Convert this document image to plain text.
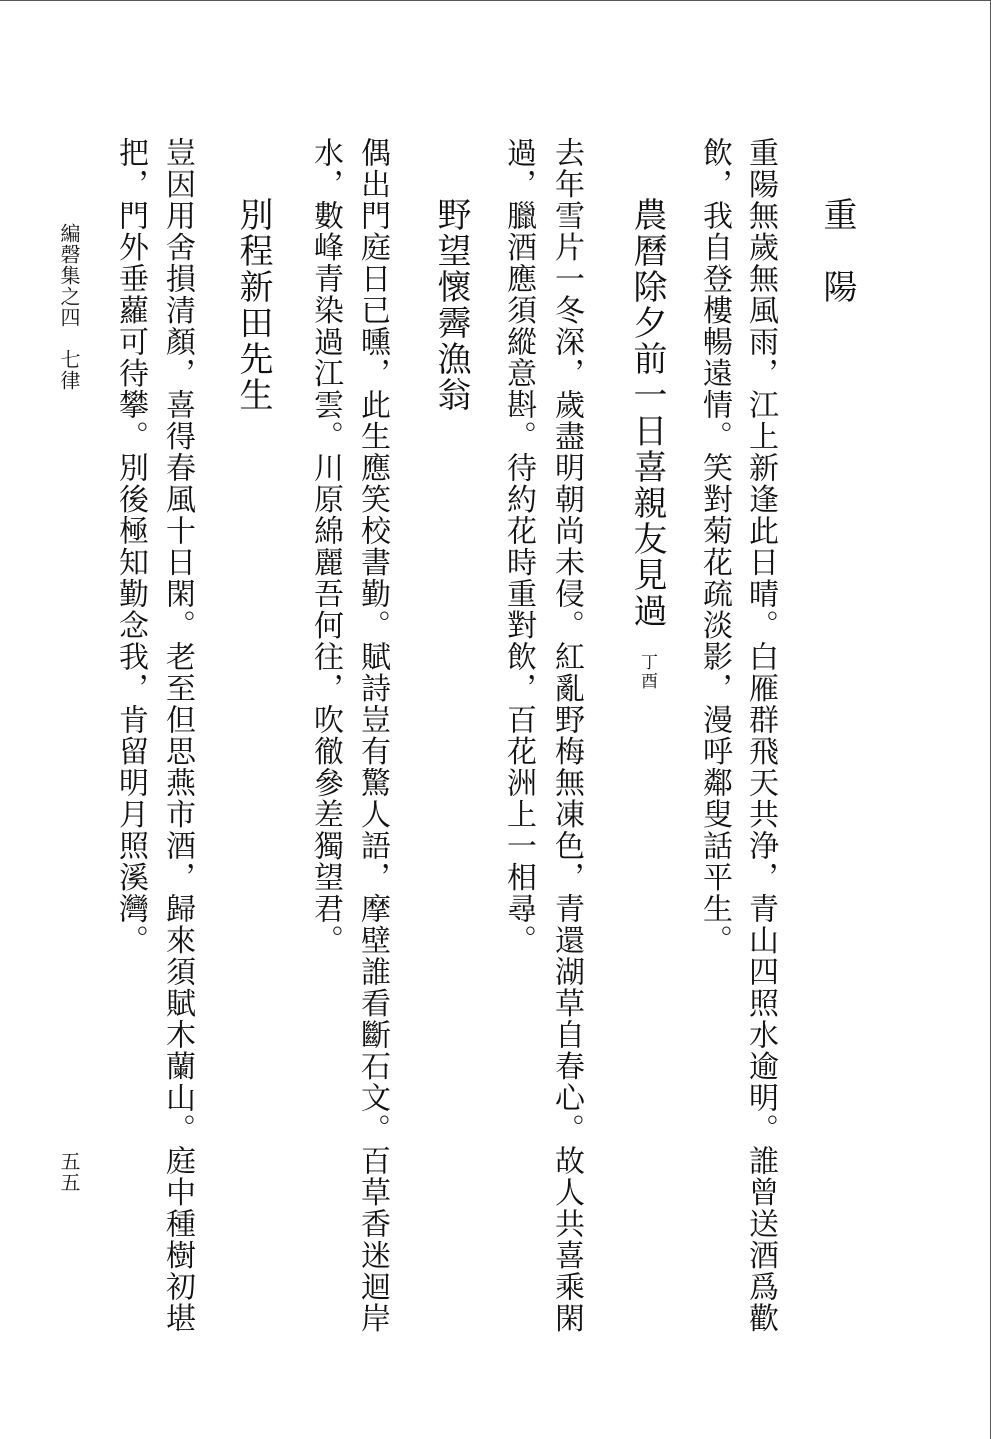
重　陽
重陽無歲無風雨，江上新逢此日晴。白雁群飛天共浄，青山四照水逾明。誰曾送酒爲歡
飲，我自登樓暢遠情。笑對菊花疏淡影，漫呼鄰叟話平生。
農曆除夕前一日喜親友見過丁酉
去年雪片一冬深，歲盡明朝尚未侵。紅亂野梅無凍色，青還湖草自春心。故人共喜乘閑
過，臘酒應須縱意斟。待約花時重對飲，百花洲上一相尋。
野望懷霽漁翁
偶出門庭日已曛，此生應笑校書勤。賦詩豈有驚人語，摩壁誰看斷石文。百草香迷迴岸
水，數峰青染過江雲。川原綿麗吾何往，吹徹參差獨望君。
別程新田先生
豈因用舍損清顏，喜得春風十日閑。老至但思燕市酒，歸來須賦木蘭山。庭中種樹初堪
把，門外垂蘿可待攀。別後極知勤念我，肯留明月照溪灣。
編磬集之四　七律
五五
